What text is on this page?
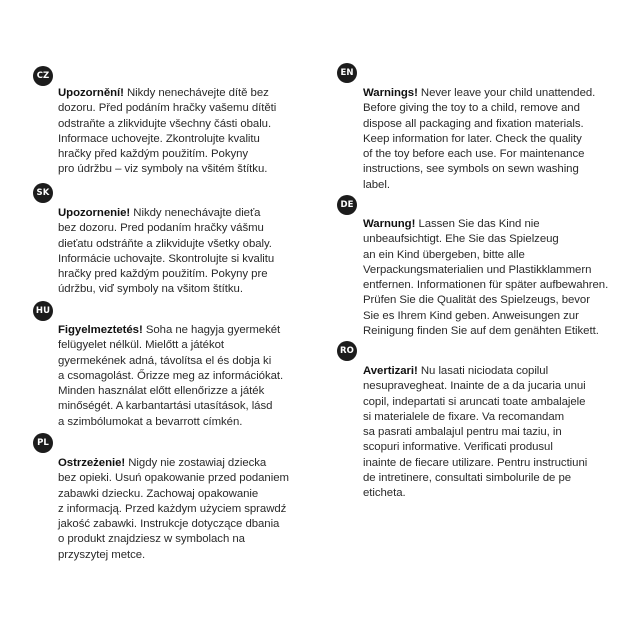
CZ
Upozornění! Nikdy nenechávejte dítě bez
dozoru. Před podáním hračky vašemu dítěti
odstraňte a zlikvidujte všechny části obalu.
Informace uchovejte. Zkontrolujte kvalitu
hračky před každým použitím. Pokyny
pro údržbu – viz symboly na všitém štítku.
SK
Upozornenie! Nikdy nenechávajte dieťa
bez dozoru. Pred podaním hračky vášmu
dieťatu odstráňte a zlikvidujte všetky obaly.
Informácie uchovajte. Skontrolujte si kvalitu
hračky pred každým použitím. Pokyny pre
údržbu, viď symboly na všitom štítku.
HU
Figyelmeztetés! Soha ne hagyja gyermekét
felügyelet nélkül. Mielőtt a játékot
gyermekének adná, távolítsa el és dobja ki
a csomagolást. Őrizze meg az információkat.
Minden használat előtt ellenőrizze a játék
minőségét. A karbantartási utasítások, lásd
a szimbólumokat a bevarrott címkén.
PL
Ostrzeżenie! Nigdy nie zostawiaj dziecka
bez opieki. Usuń opakowanie przed podaniem
zabawki dziecku. Zachowaj opakowanie
z informacją. Przed każdym użyciem sprawdź
jakość zabawki. Instrukcje dotyczące dbania
o produkt znajdziesz w symbolach na
przyszytej metce.
EN
Warnings! Never leave your child unattended.
Before giving the toy to a child, remove and
dispose all packaging and fixation materials.
Keep information for later. Check the quality
of the toy before each use. For maintenance
instructions, see symbols on sewn washing
label.
DE
Warnung! Lassen Sie das Kind nie
unbeaufsichtigt. Ehe Sie das Spielzeug
an ein Kind übergeben, bitte alle
Verpackungsmaterialien und Plastikklammern
entfernen. Informationen für später aufbewahren.
Prüfen Sie die Qualität des Spielzeugs, bevor
Sie es Ihrem Kind geben. Anweisungen zur
Reinigung finden Sie auf dem genähten Etikett.
RO
Avertizari! Nu lasati niciodata copilul
nesupravegheat. Inainte de a da jucaria unui
copil, indepartati si aruncati toate ambalajele
si materialele de fixare. Va recomandam
sa pasrati ambalajul pentru mai taziu, in
scopuri informative. Verificati produsul
inainte de fiecare utilizare. Pentru instructiuni
de intretinere, consultati simbolurile de pe
eticheta.
